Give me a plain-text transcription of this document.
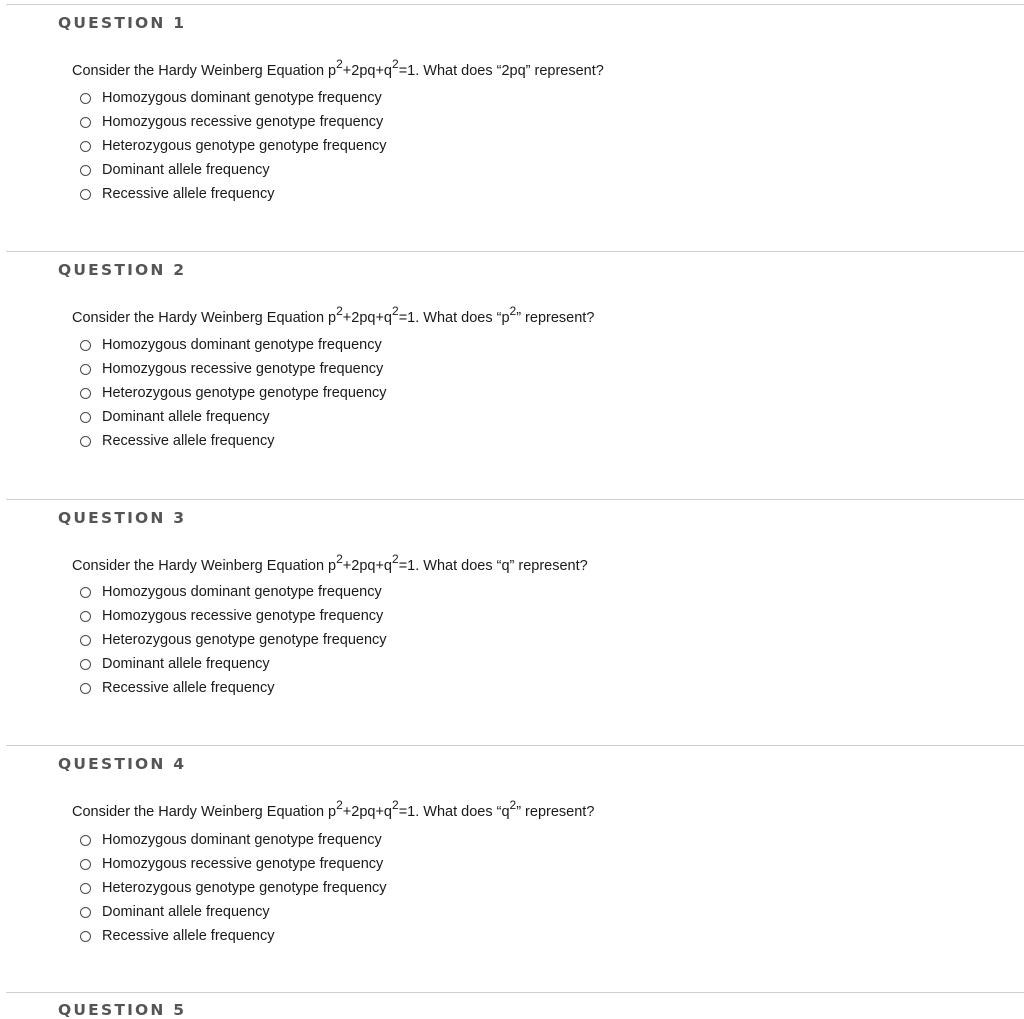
QUESTION 1
Consider the Hardy Weinberg Equation $p^2+2pq+q^2=1$. What does “2pq” represent?
Homozygous dominant genotype frequency
Homozygous recessive genotype frequency
Heterozygous genotype genotype frequency
Dominant allele frequency
Recessive allele frequency
QUESTION 2
Consider the Hardy Weinberg Equation $p^2+2pq+q^2=1$. What does “$p^2$” represent?
Homozygous dominant genotype frequency
Homozygous recessive genotype frequency
Heterozygous genotype genotype frequency
Dominant allele frequency
Recessive allele frequency
QUESTION 3
Consider the Hardy Weinberg Equation $p^2+2pq+q^2=1$. What does “q” represent?
Homozygous dominant genotype frequency
Homozygous recessive genotype frequency
Heterozygous genotype genotype frequency
Dominant allele frequency
Recessive allele frequency
QUESTION 4
Consider the Hardy Weinberg Equation $p^2+2pq+q^2=1$. What does “$q^2$” represent?
Homozygous dominant genotype frequency
Homozygous recessive genotype frequency
Heterozygous genotype genotype frequency
Dominant allele frequency
Recessive allele frequency
QUESTION 5
